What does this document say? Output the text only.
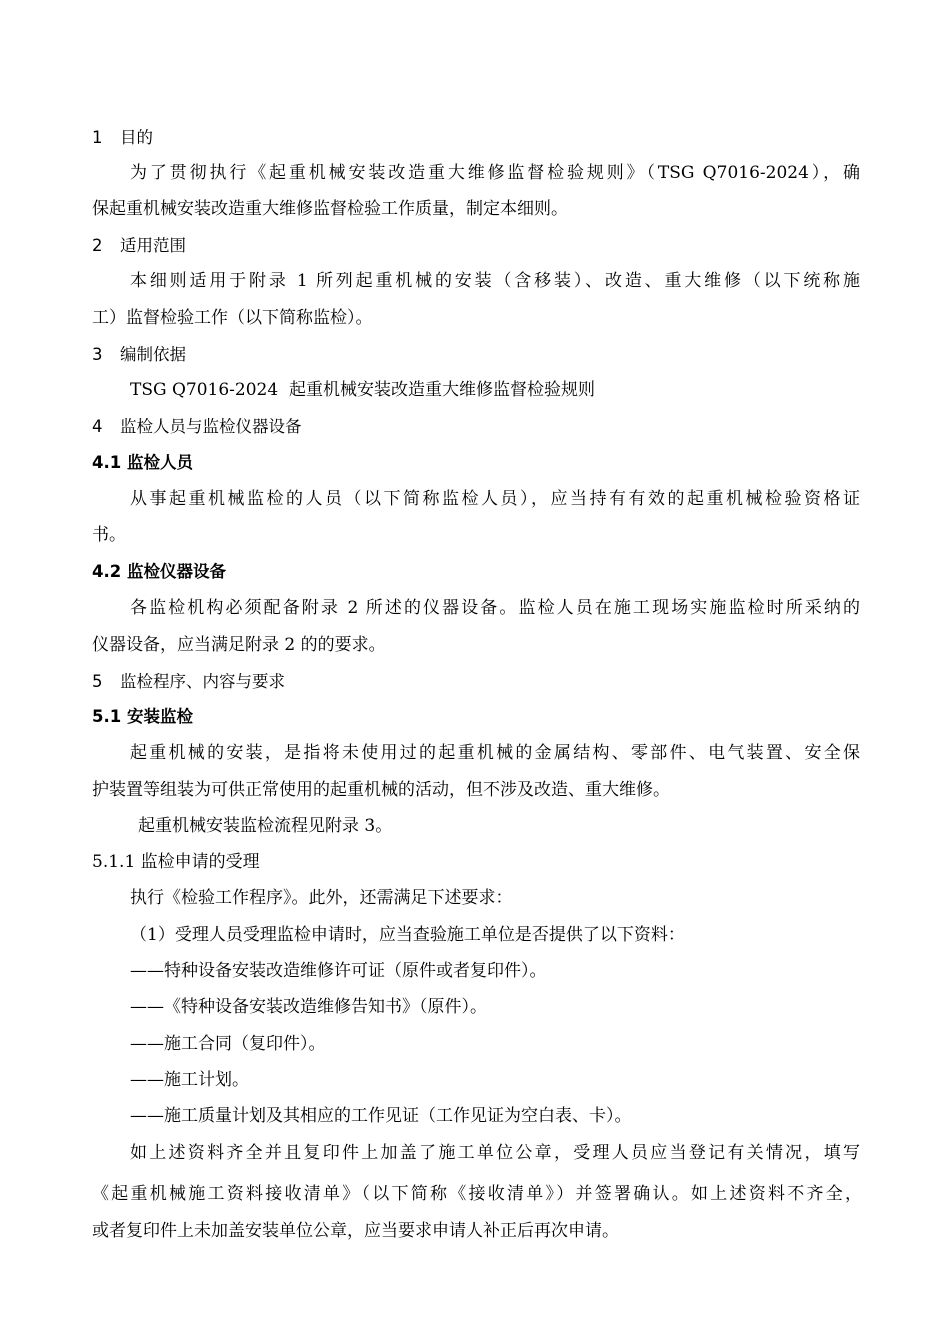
1 目的
为了贯彻执行《起重机械安装改造重大维修监督检验规则》（TSG Q7016-2024），确
保起重机械安装改造重大维修监督检验工作质量，制定本细则。
2 适用范围
本细则适用于附录 1 所列起重机械的安装（含移装）、改造、重大维修（以下统称施
工）监督检验工作（以下简称监检）。
3 编制依据
TSG Q7016-2024  起重机械安装改造重大维修监督检验规则
4 监检人员与监检仪器设备
4.1 监检人员
从事起重机械监检的人员（以下简称监检人员），应当持有有效的起重机械检验资格证
书。
4.2 监检仪器设备
各监检机构必须配备附录 2 所述的仪器设备。监检人员在施工现场实施监检时所采纳的
仪器设备，应当满足附录 2 的的要求。
5 监检程序、内容与要求
5.1 安装监检
起重机械的安装，是指将未使用过的起重机械的金属结构、零部件、电气装置、安全保
护装置等组装为可供正常使用的起重机械的活动，但不涉及改造、重大维修。
起重机械安装监检流程见附录 3。
5.1.1 监检申请的受理
执行《检验工作程序》。此外，还需满足下述要求：
（1）受理人员受理监检申请时，应当查验施工单位是否提供了以下资料：
——特种设备安装改造维修许可证（原件或者复印件）。
——《特种设备安装改造维修告知书》（原件）。
——施工合同（复印件）。
——施工计划。
——施工质量计划及其相应的工作见证（工作见证为空白表、卡）。
如上述资料齐全并且复印件上加盖了施工单位公章，受理人员应当登记有关情况，填写
《起重机械施工资料接收清单》（以下简称《接收清单》）并签署确认。如上述资料不齐全，
或者复印件上未加盖安装单位公章，应当要求申请人补正后再次申请。
